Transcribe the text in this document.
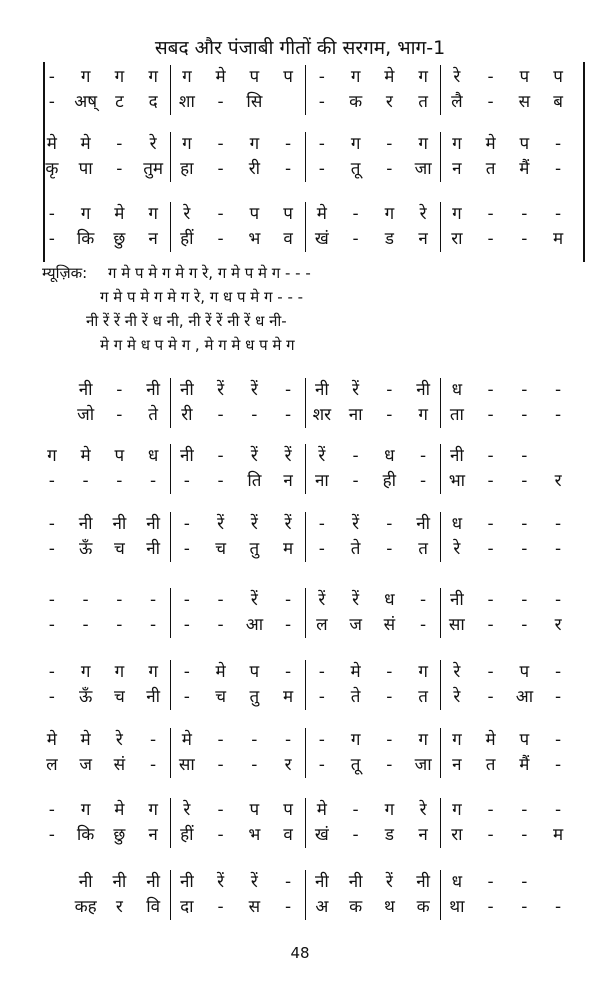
सबद और पंजाबी गीतों की सरगम, भाग-1
-	ग	ग	ग	ग	मे	प	प	-	ग	मे	ग	रे	-	प	प
-	अष्	ट	द	शा	-	सि	-	क	र	त	लै	-	स	ब
मे	मे	-	रे	ग	-	ग	-	-	ग	-	ग	ग	मे	प	-
कृ	पा	-	तुम	हा	-	री	-	-	तू	-	जा	न	त	मैं	-
-	ग	मे	ग	रे	-	प	प	मे	-	ग	रे	ग	-	-	-
-	कि	छु	न	हीं	-	भ	व	खं	-	ड	न	रा	-	-	म
नी	-	नी	नी	रें	रें	-	नी	रें	-	नी	ध	-	-	-
जो	-	ते	री	-	-	-	शर	ना	-	ग	ता	-	-	-
ग	मे	प	ध	नी	-	रें	रें	रें	-	ध	-	नी	-	-
-	-	-	-	-	-	ति	न	ना	-	ही	-	भा	-	-	र
-	नी	नी	नी	-	रें	रें	रें	-	रें	-	नी	ध	-	-	-
-	ऊँ	च	नी	-	च	तु	म	-	ते	-	त	रे	-	-	-
-	-	-	-	-	-	रें	-	रें	रें	ध	-	नी	-	-	-
-	-	-	-	-	-	आ	-	ल	ज	सं	-	सा	-	-	र
-	ग	ग	ग	-	मे	प	-	-	मे	-	ग	रे	-	प	-
-	ऊँ	च	नी	-	च	तु	म	-	ते	-	त	रे	-	आ	-
मे	मे	रे	-	मे	-	-	-	-	ग	-	ग	ग	मे	प	-
ल	ज	सं	-	सा	-	-	र	-	तू	-	जा	न	त	मैं	-
-	ग	मे	ग	रे	-	प	प	मे	-	ग	रे	ग	-	-	-
-	कि	छु	न	हीं	-	भ	व	खं	-	ड	न	रा	-	-	म
नी	नी	नी	नी	रें	रें	-	नी	नी	रें	नी	ध	-	-
कह	र	वि	दा	-	स	-	अ	क	थ	क	था	-	-	-
म्यूज़िक: ग मे प मे ग मे ग रे, ग मे प मे ग - - -
ग मे प मे ग मे ग रे, ग ध प मे ग - - -
नी रें रें नी रें ध नी, नी रें रें नी रें ध नी-
मे ग मे ध प मे ग , मे ग मे ध प मे ग
48
